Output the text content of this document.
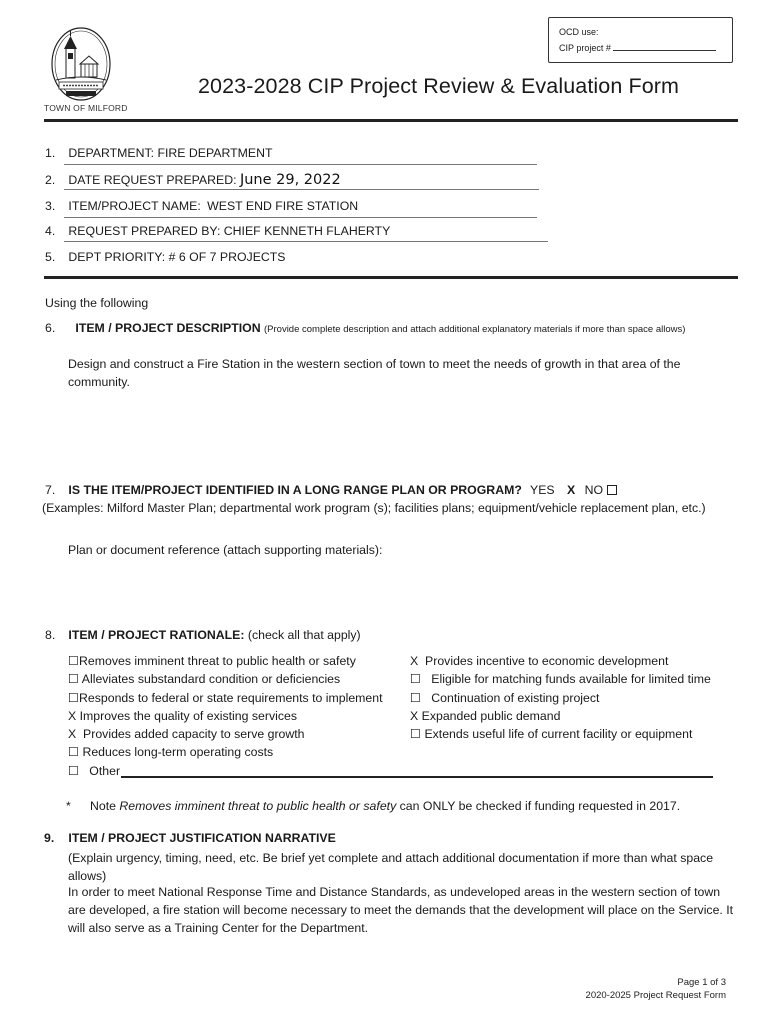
OCD use:
CIP project #
TOWN OF MILFORD
2023-2028 CIP Project Review & Evaluation Form
1. DEPARTMENT: FIRE DEPARTMENT
2. DATE REQUEST PREPARED: June 29, 2022
3. ITEM/PROJECT NAME: WEST END FIRE STATION
4. REQUEST PREPARED BY: CHIEF KENNETH FLAHERTY
5. DEPT PRIORITY: # 6 OF 7 PROJECTS
Using the following
6. ITEM / PROJECT DESCRIPTION (Provide complete description and attach additional explanatory materials if more than space allows)
Design and construct a Fire Station in the western section of town to meet the needs of growth in that area of the community.
7. IS THE ITEM/PROJECT IDENTIFIED IN A LONG RANGE PLAN OR PROGRAM? YES X NO
(Examples: Milford Master Plan; departmental work program (s); facilities plans; equipment/vehicle replacement plan, etc.)
Plan or document reference (attach supporting materials):
8. ITEM / PROJECT RATIONALE: (check all that apply)
☐Removes imminent threat to public health or safety
☐ Alleviates substandard condition or deficiencies
☐Responds to federal or state requirements to implement
X Improves the quality of existing services
X Provides added capacity to serve growth
☐ Reduces long-term operating costs
☐ Other
X Provides incentive to economic development
☐ Eligible for matching funds available for limited time
☐ Continuation of existing project
X Expanded public demand
☐ Extends useful life of current facility or equipment
* Note Removes imminent threat to public health or safety can ONLY be checked if funding requested in 2017.
9. ITEM / PROJECT JUSTIFICATION NARRATIVE
(Explain urgency, timing, need, etc. Be brief yet complete and attach additional documentation if more than what space allows)
In order to meet National Response Time and Distance Standards, as undeveloped areas in the western section of town are developed, a fire station will become necessary to meet the demands that the development will place on the Service. It will also serve as a Training Center for the Department.
Page 1 of 3
2020-2025 Project Request Form
